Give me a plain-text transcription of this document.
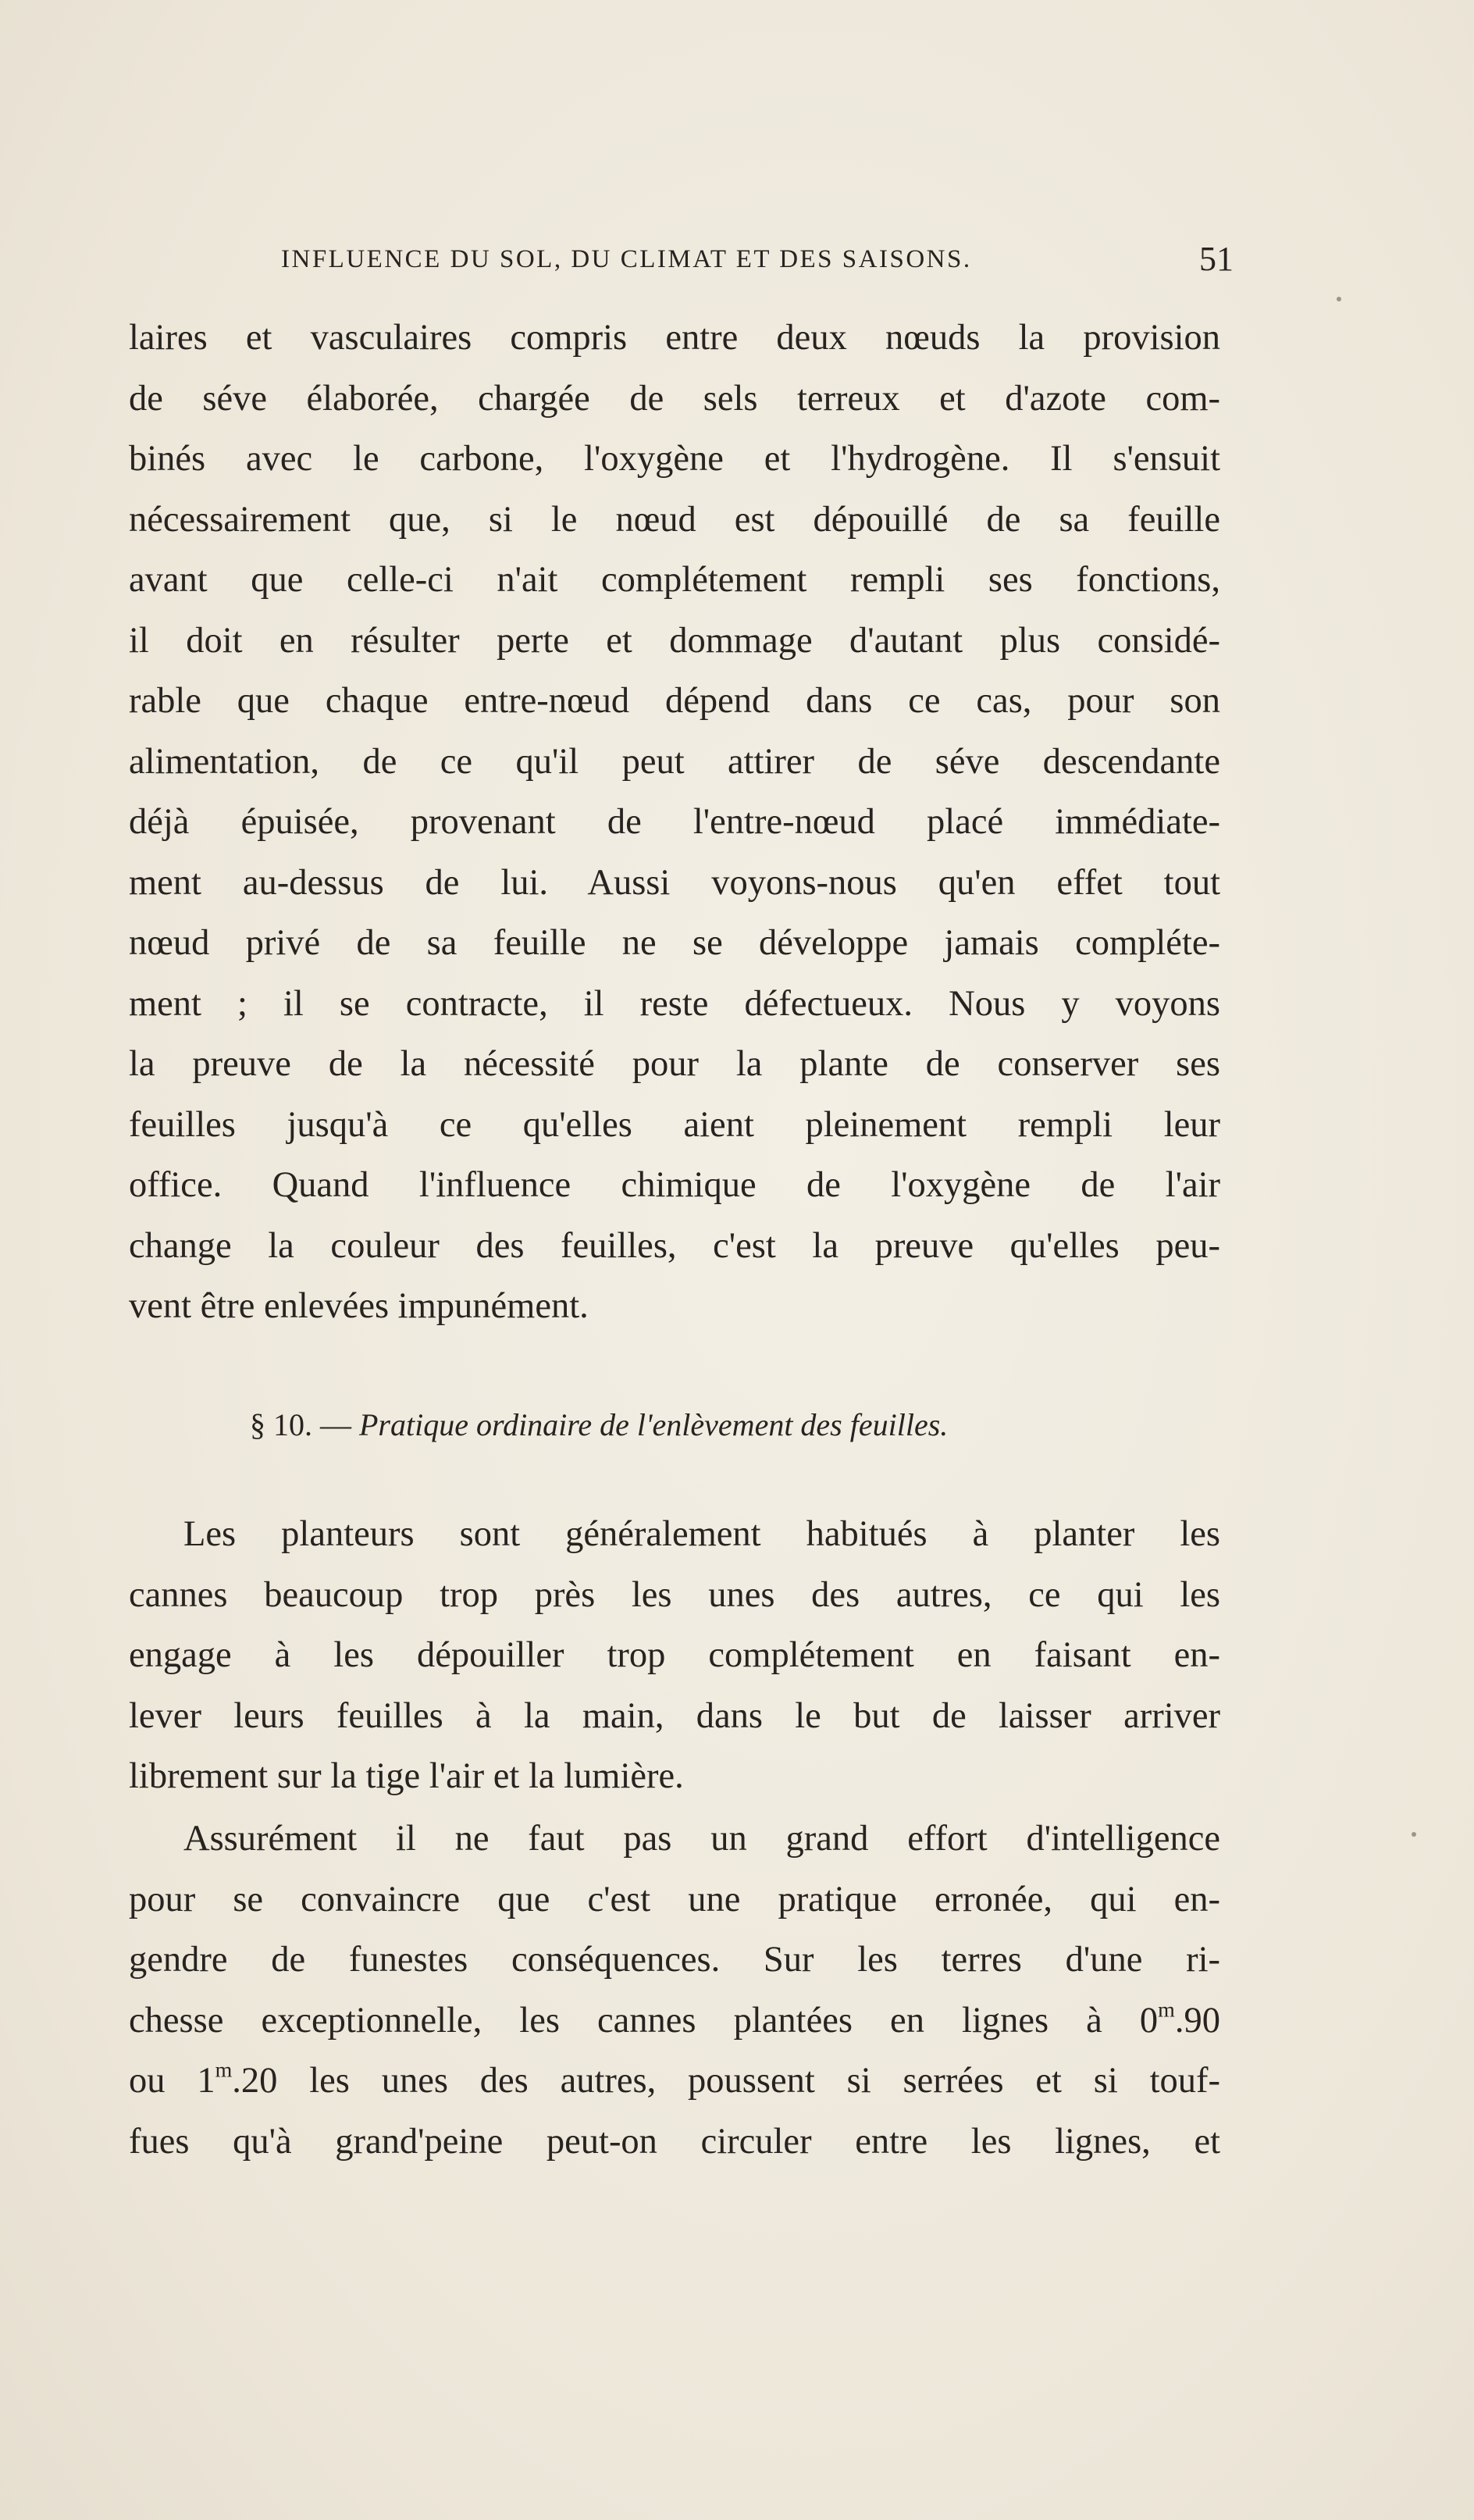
INFLUENCE DU SOL, DU CLIMAT ET DES SAISONS.	51
laires et vasculaires compris entre deux nœuds la provision
de séve élaborée, chargée de sels terreux et d'azote com-
binés avec le carbone, l'oxygène et l'hydrogène. Il s'ensuit
nécessairement que, si le nœud est dépouillé de sa feuille
avant que celle-ci n'ait complétement rempli ses fonctions,
il doit en résulter perte et dommage d'autant plus considé-
rable que chaque entre-nœud dépend dans ce cas, pour son
alimentation, de ce qu'il peut attirer de séve descendante
déjà épuisée, provenant de l'entre-nœud placé immédiate-
ment au-dessus de lui. Aussi voyons-nous qu'en effet tout
nœud privé de sa feuille ne se développe jamais compléte-
ment ; il se contracte, il reste défectueux. Nous y voyons
la preuve de la nécessité pour la plante de conserver ses
feuilles jusqu'à ce qu'elles aient pleinement rempli leur
office. Quand l'influence chimique de l'oxygène de l'air
change la couleur des feuilles, c'est la preuve qu'elles peu-
vent être enlevées impunément.
Les planteurs sont généralement habitués à planter les
cannes beaucoup trop près les unes des autres, ce qui les
engage à les dépouiller trop complétement en faisant en-
lever leurs feuilles à la main, dans le but de laisser arriver
librement sur la tige l'air et la lumière.
Assurément il ne faut pas un grand effort d'intelligence
pour se convaincre que c'est une pratique erronée, qui en-
gendre de funestes conséquences. Sur les terres d'une ri-
chesse exceptionnelle, les cannes plantées en lignes à 0$^m$.90
ou 1$^m$.20 les unes des autres, poussent si serrées et si touf-
fues qu'à grand'peine peut-on circuler entre les lignes, et
§ 10. — Pratique ordinaire de l'enlèvement des feuilles.
